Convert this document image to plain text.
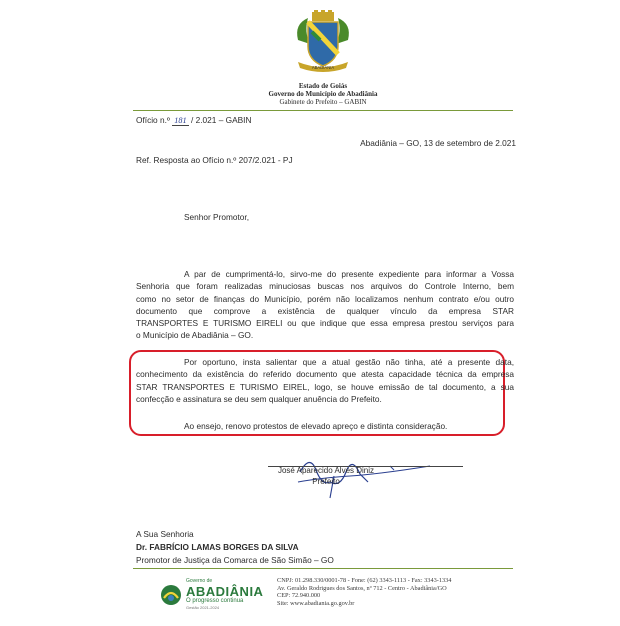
ABADIÂNIA
Estado de Goiás
Governo do Município de Abadiânia
Gabinete do Prefeito – GABIN
Ofício n.º 181 / 2.021 – GABIN
Abadiânia – GO, 13 de setembro de 2.021
Ref. Resposta ao Ofício n.º 207/2.021 - PJ
Senhor Promotor,
A par de cumprimentá-lo, sirvo-me do presente expediente para informar a Vossa
Senhoria que foram realizadas minuciosas buscas nos arquivos do Controle Interno, bem
como no setor de finanças do Município, porém não localizamos nenhum contrato e/ou outro
documento que comprove a existência de qualquer vínculo da empresa STAR
TRANSPORTES E TURISMO EIRELI ou que indique que essa empresa prestou serviços para
o Município de Abadiânia – GO.
Por oportuno, insta salientar que a atual gestão não tinha, até a presente data,
conhecimento da existência do referido documento que atesta capacidade técnica da empresa
STAR TRANSPORTES E TURISMO EIREL, logo, se houve emissão de tal documento, a sua
confecção e assinatura se deu sem qualquer anuência do Prefeito.
Ao ensejo, renovo protestos de elevado apreço e distinta consideração.
José Aparecido Alves Diniz
Prefeito
A Sua Senhoria
Dr. FABRÍCIO LAMAS BORGES DA SILVA
Promotor de Justiça da Comarca de São Simão – GO
Governo de
ABADIÂNIA
O progresso continua
Gestão 2021-2024
CNPJ: 01.298.330/0001-78 - Fone: (62) 3343-1113 - Fax: 3343-1334
Av. Geraldo Rodrigues dos Santos, nº 712 - Centro - Abadiânia/GO
CEP: 72.940.000
Site: www.abadiania.go.gov.br
